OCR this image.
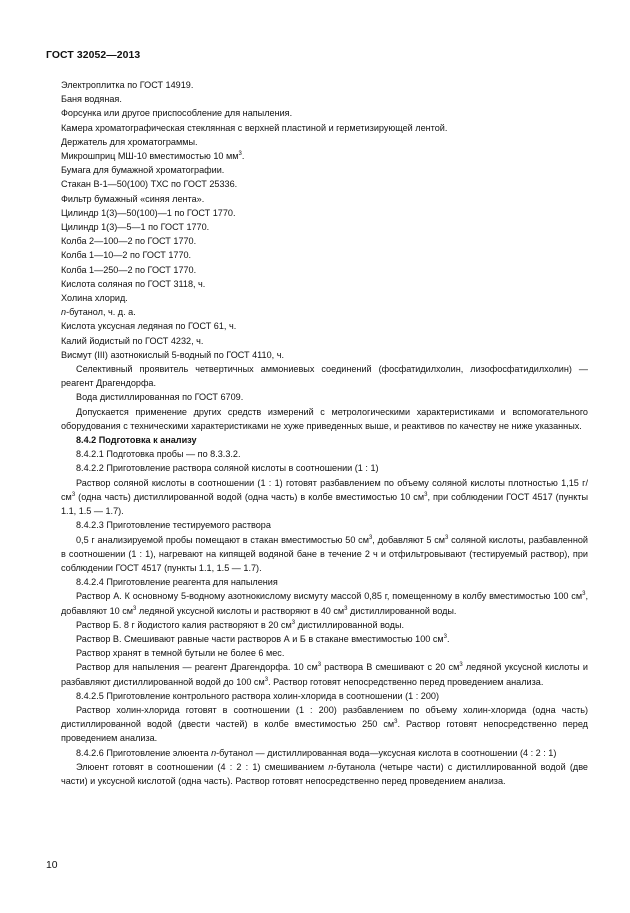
ГОСТ 32052—2013
Электроплитка по ГОСТ 14919.
Баня водяная.
Форсунка или другое приспособление для напыления.
Камера хроматографическая стеклянная с верхней пластиной и герметизирующей лентой.
Держатель для хроматограммы.
Микрошприц МШ-10 вместимостью 10 $мм^3$.
Бумага для бумажной хроматографии.
Стакан В-1—50(100) ТХС по ГОСТ 25336.
Фильтр бумажный «синяя лента».
Цилиндр 1(3)—50(100)—1 по ГОСТ 1770.
Цилиндр 1(3)—5—1 по ГОСТ 1770.
Колба 2—100—2 по ГОСТ 1770.
Колба 1—10—2 по ГОСТ 1770.
Колба 1—250—2 по ГОСТ 1770.
Кислота соляная по ГОСТ 3118, ч.
Холина хлорид.
n-бутанол, ч. д. а.
Кислота уксусная ледяная по ГОСТ 61, ч.
Калий йодистый по ГОСТ 4232, ч.
Висмут (III) азотнокислый 5-водный по ГОСТ 4110, ч.

Селективный проявитель четвертичных аммониевых соединений (фосфатидилхолин, лизофосфатидилхолин) — реагент Драгендорфа.

Вода дистиллированная по ГОСТ 6709.

Допускается применение других средств измерений с метрологическими характеристиками и вспомогательного оборудования с техническими характеристиками не хуже приведенных выше, и реактивов по качеству не ниже указанных.

8.4.2 Подготовка к анализу

8.4.2.1 Подготовка пробы — по 8.3.3.2.

8.4.2.2 Приготовление раствора соляной кислоты в соотношении (1 : 1)

Раствор соляной кислоты в соотношении (1 : 1) готовят разбавлением по объему соляной кислоты плотностью 1,15 $г/см^3$ (одна часть) дистиллированной водой (одна часть) в колбе вместимостью 10 $см^3$, при соблюдении ГОСТ 4517 (пункты 1.1, 1.5 — 1.7).

8.4.2.3 Приготовление тестируемого раствора

0,5 г анализируемой пробы помещают в стакан вместимостью 50 $см^3$, добавляют 5 $см^3$ соляной кислоты, разбавленной в соотношении (1 : 1), нагревают на кипящей водяной бане в течение 2 ч и отфильтровывают (тестируемый раствор), при соблюдении ГОСТ 4517 (пункты 1.1, 1.5 — 1.7).

8.4.2.4 Приготовление реагента для напыления

Раствор А. К основному 5-водному азотнокислому висмуту массой 0,85 г, помещенному в колбу вместимостью 100 $см^3$, добавляют 10 $см^3$ ледяной уксусной кислоты и растворяют в 40 $см^3$ дистиллированной воды.

Раствор Б. 8 г йодистого калия растворяют в 20 $см^3$ дистиллированной воды.

Раствор В. Смешивают равные части растворов А и Б в стакане вместимостью 100 $см^3$.

Раствор хранят в темной бутыли не более 6 мес.

Раствор для напыления — реагент Драгендорфа. 10 $см^3$ раствора В смешивают с 20 $см^3$ ледяной уксусной кислоты и разбавляют дистиллированной водой до 100 $см^3$. Раствор готовят непосредственно перед проведением анализа.

8.4.2.5 Приготовление контрольного раствора холин-хлорида в соотношении (1 : 200)

Раствор холин-хлорида готовят в соотношении (1 : 200) разбавлением по объему холин-хлорида (одна часть) дистиллированной водой (двести частей) в колбе вместимостью 250 $см^3$. Раствор готовят непосредственно перед проведением анализа.

8.4.2.6 Приготовление элюента n-бутанол — дистиллированная вода—уксусная кислота в соотношении (4 : 2 : 1)

Элюент готовят в соотношении (4 : 2 : 1) смешиванием n-бутанола (четыре части) с дистиллированной водой (две части) и уксусной кислотой (одна часть). Раствор готовят непосредственно перед проведением анализа.

10
